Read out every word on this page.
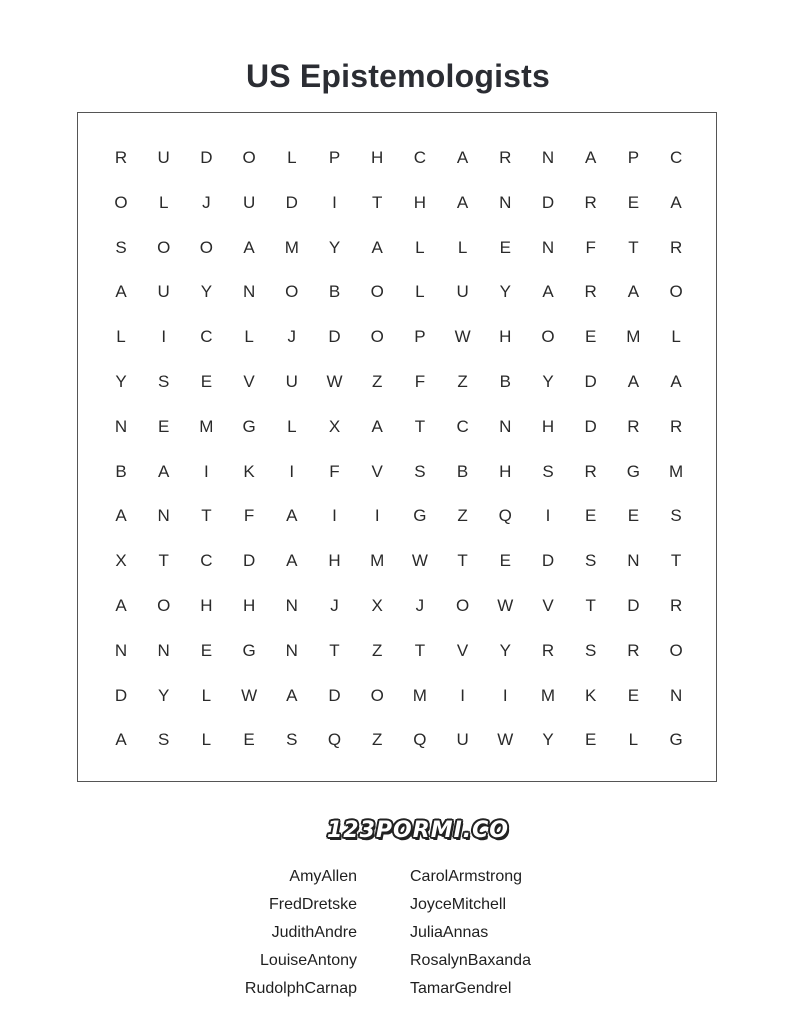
US Epistemologists
R	U	D	O	L	P	H	C	A	R	N	A	P	C
O	L	J	U	D	I	T	H	A	N	D	R	E	A
S	O	O	A	M	Y	A	L	L	E	N	F	T	R
A	U	Y	N	O	B	O	L	U	Y	A	R	A	O
L	I	C	L	J	D	O	P	W	H	O	E	M	L
Y	S	E	V	U	W	Z	F	Z	B	Y	D	A	A
N	E	M	G	L	X	A	T	C	N	H	D	R	R
B	A	I	K	I	F	V	S	B	H	S	R	G	M
A	N	T	F	A	I	I	G	Z	Q	I	E	E	S
X	T	C	D	A	H	M	W	T	E	D	S	N	T
A	O	H	H	N	J	X	J	O	W	V	T	D	R
N	N	E	G	N	T	Z	T	V	Y	R	S	R	O
D	Y	L	W	A	D	O	M	I	I	M	K	E	N
A	S	L	E	S	Q	Z	Q	U	W	Y	E	L	G
123PORMI.CO
AmyAllen
FredDretske
JudithAndre
LouiseAntony
RudolphCarnap
CarolArmstrong
JoyceMitchell
JuliaAnnas
RosalynBaxanda
TamarGendrel
